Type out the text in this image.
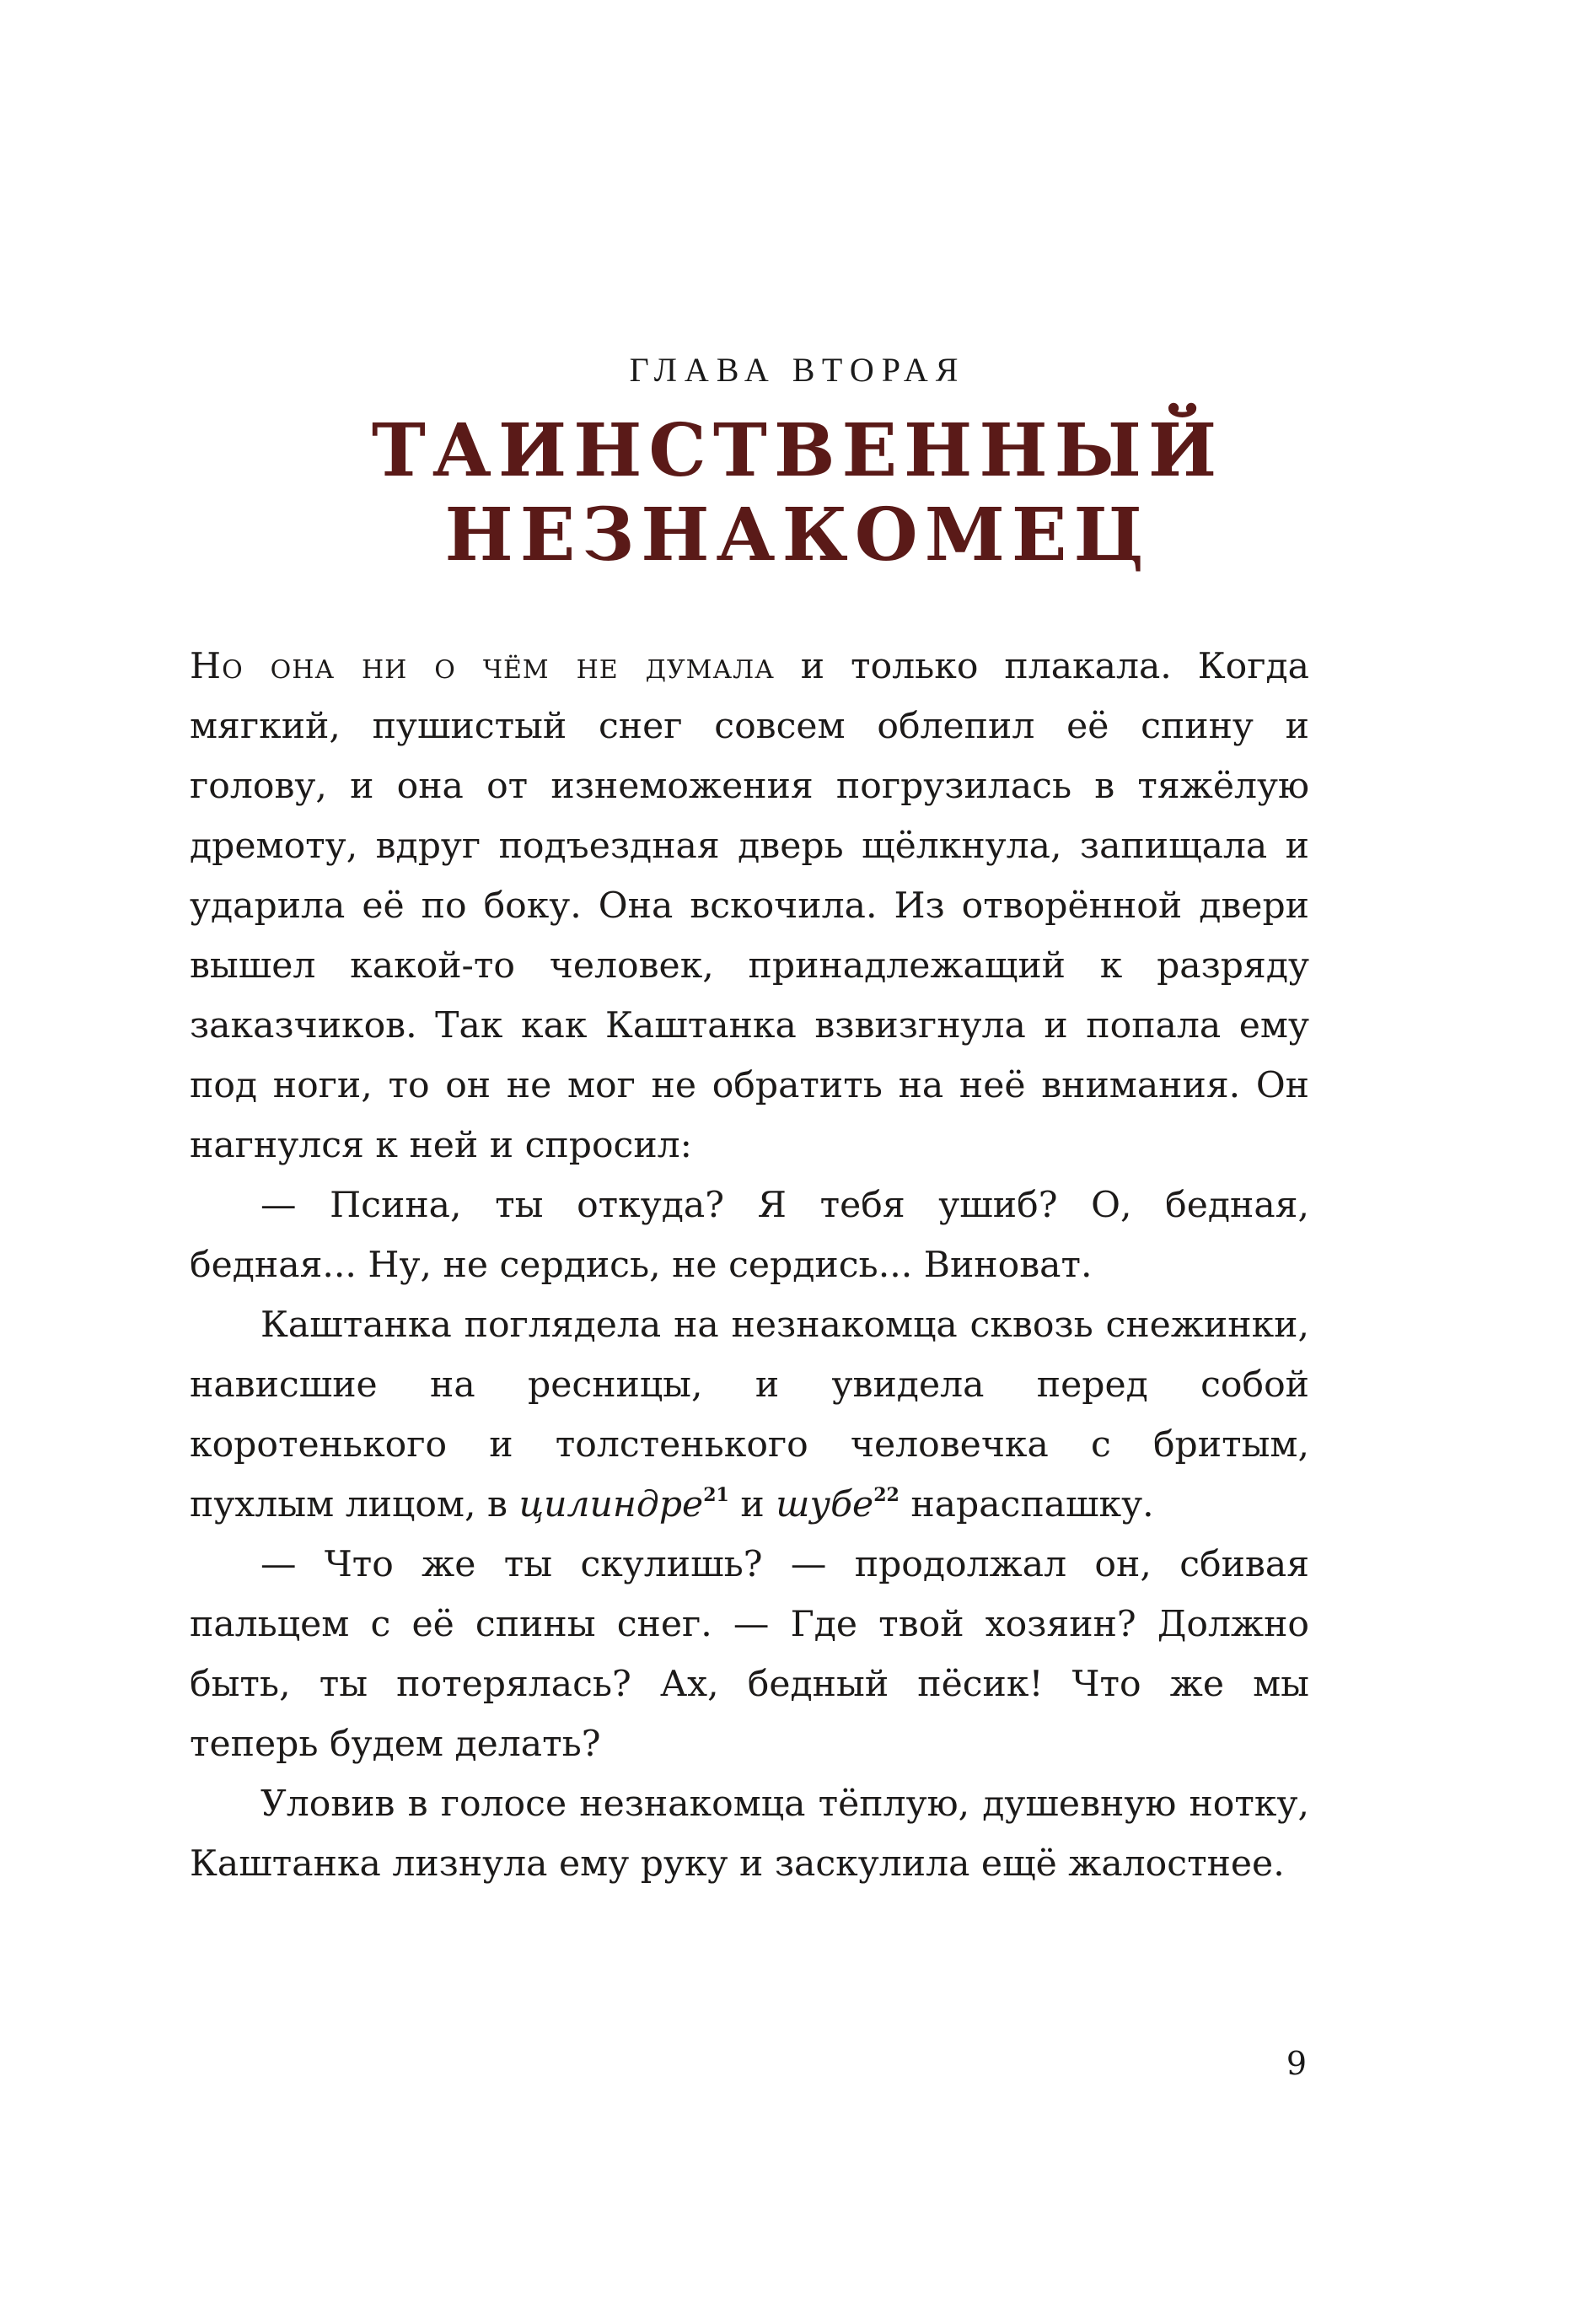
ГЛАВА ВТОРАЯ
ТАИНСТВЕННЫЙ
НЕЗНАКОМЕЦ

Но она ни о чём не думала и только плакала. Когда мягкий, пушистый снег совсем облепил её спину и голову, и она от изнеможения погрузилась в тяжёлую дремоту, вдруг подъездная дверь щёлкнула, запищала и ударила её по боку. Она вскочила. Из отворённой двери вышел какой-то человек, принадлежащий к разряду заказчиков. Так как Каштанка взвизгнула и попала ему под ноги, то он не мог не обратить на неё внимания. Он нагнулся к ней и спросил:

— Псина, ты откуда? Я тебя ушиб? О, бедная, бедная... Ну, не сердись, не сердись... Виноват.

Каштанка поглядела на незнакомца сквозь снежинки, нависшие на ресницы, и увидела перед собой коротенького и толстенького человечка с бритым, пухлым лицом, в цилиндре$^{21}$ и шубе$^{22}$ нараспашку.

— Что же ты скулишь? — продолжал он, сбивая пальцем с её спины снег. — Где твой хозяин? Должно быть, ты потерялась? Ах, бедный пёсик! Что же мы теперь будем делать?

Уловив в голосе незнакомца тёплую, душевную нотку, Каштанка лизнула ему руку и заскулила ещё жалостнее.

9
